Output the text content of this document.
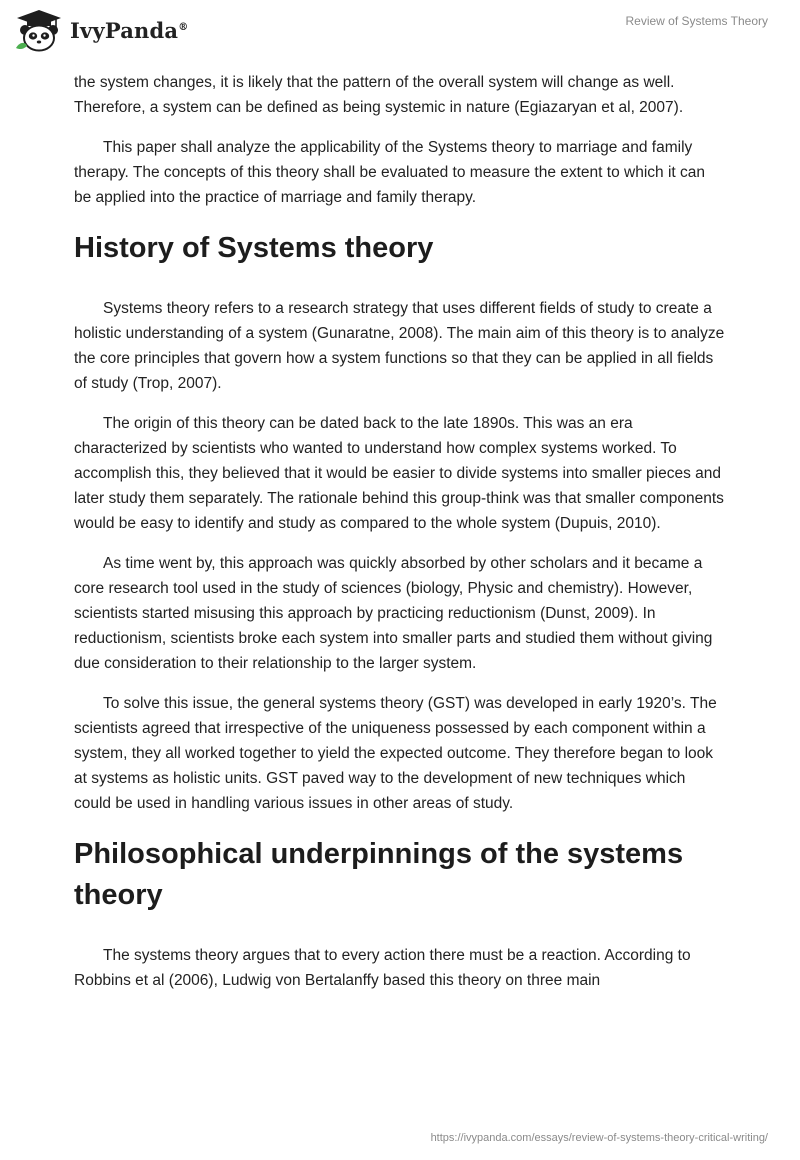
IvyPanda®	Review of Systems Theory

the system changes, it is likely that the pattern of the overall system will change as well. Therefore, a system can be defined as being systemic in nature (Egiazaryan et al, 2007).

This paper shall analyze the applicability of the Systems theory to marriage and family therapy. The concepts of this theory shall be evaluated to measure the extent to which it can be applied into the practice of marriage and family therapy.

History of Systems theory

Systems theory refers to a research strategy that uses different fields of study to create a holistic understanding of a system (Gunaratne, 2008). The main aim of this theory is to analyze the core principles that govern how a system functions so that they can be applied in all fields of study (Trop, 2007).

The origin of this theory can be dated back to the late 1890s. This was an era characterized by scientists who wanted to understand how complex systems worked. To accomplish this, they believed that it would be easier to divide systems into smaller pieces and later study them separately. The rationale behind this group-think was that smaller components would be easy to identify and study as compared to the whole system (Dupuis, 2010).

As time went by, this approach was quickly absorbed by other scholars and it became a core research tool used in the study of sciences (biology, Physic and chemistry). However, scientists started misusing this approach by practicing reductionism (Dunst, 2009). In reductionism, scientists broke each system into smaller parts and studied them without giving due consideration to their relationship to the larger system.

To solve this issue, the general systems theory (GST) was developed in early 1920’s. The scientists agreed that irrespective of the uniqueness possessed by each component within a system, they all worked together to yield the expected outcome. They therefore began to look at systems as holistic units. GST paved way to the development of new techniques which could be used in handling various issues in other areas of study.

Philosophical underpinnings of the systems theory

The systems theory argues that to every action there must be a reaction. According to Robbins et al (2006), Ludwig von Bertalanffy based this theory on three main

https://ivypanda.com/essays/review-of-systems-theory-critical-writing/
